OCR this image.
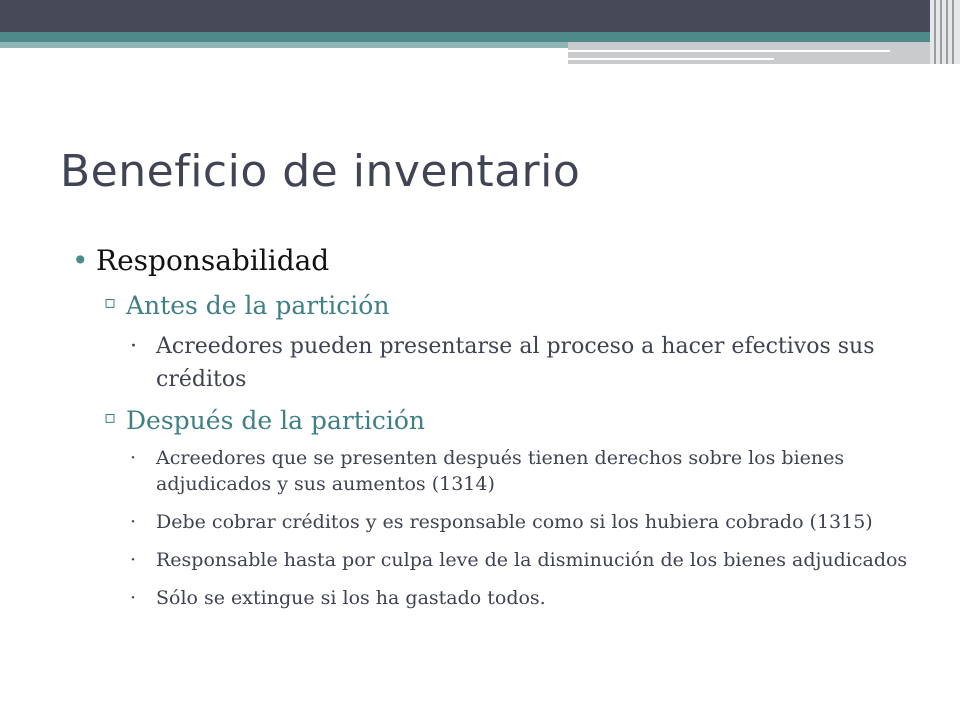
Beneficio de inventario
• Responsabilidad
▫ Antes de la partición
· Acreedores pueden presentarse al proceso a hacer efectivos sus créditos
▫ Después de la partición
· Acreedores que se presenten después tienen derechos sobre los bienes adjudicados y sus aumentos (1314)
· Debe cobrar créditos y es responsable como si los hubiera cobrado (1315)
· Responsable hasta por culpa leve de la disminución de los bienes adjudicados
· Sólo se extingue si los ha gastado todos.
